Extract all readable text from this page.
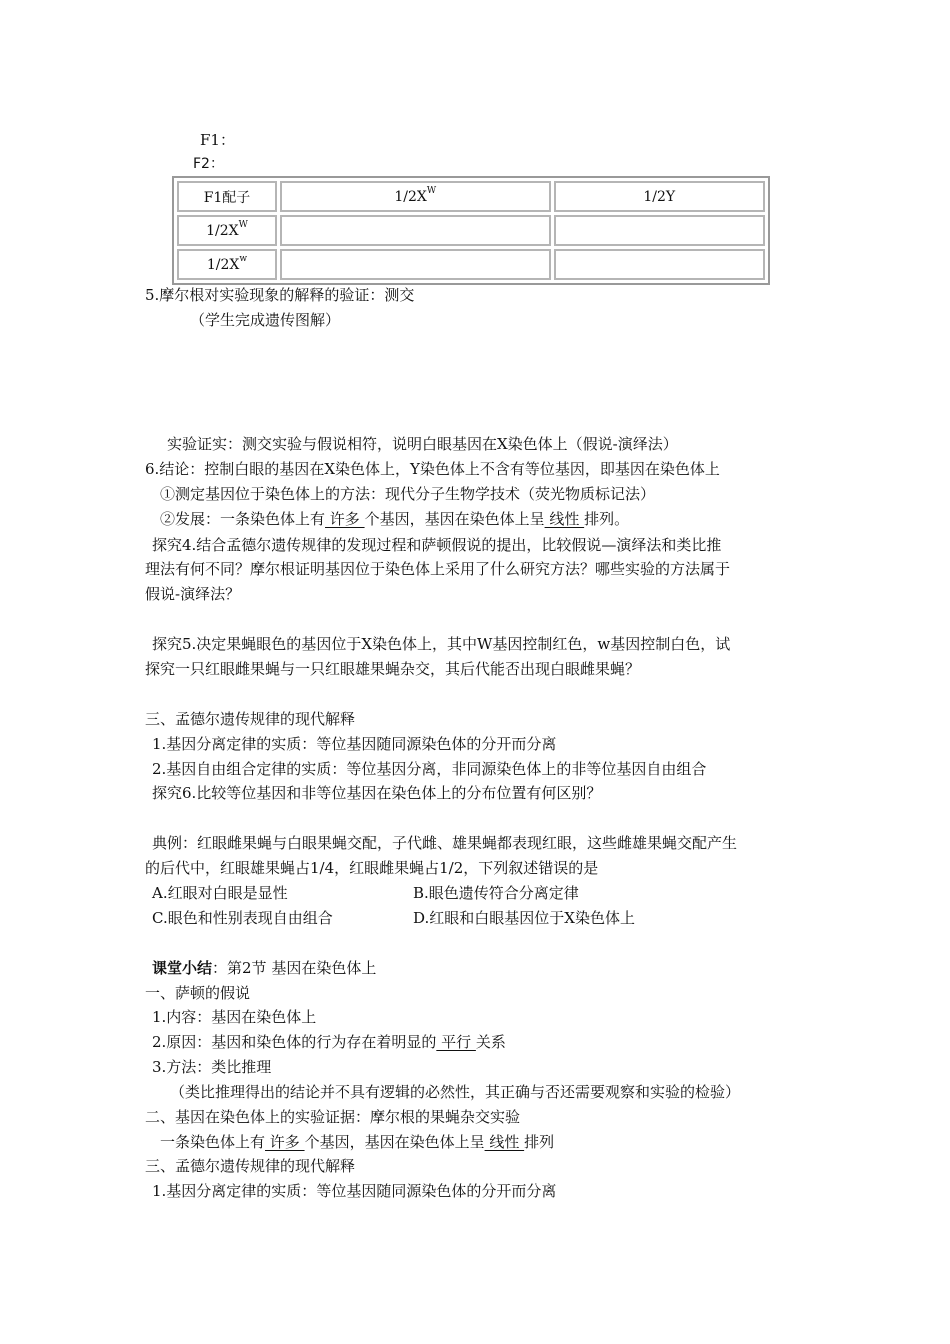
F1：
F2：
F1配子	$1/2X^W$	1/2Y
$1/2X^W$		
$1/2X^w$		
5.摩尔根对实验现象的解释的验证：测交
（学生完成遗传图解）
实验证实：测交实验与假说相符，说明白眼基因在X染色体上（假说-演绎法）
6.结论：控制白眼的基因在X染色体上，Y染色体上不含有等位基因，即基因在染色体上
①测定基因位于染色体上的方法：现代分子生物学技术（荧光物质标记法）
②发展：一条染色体上有 许多 个基因，基因在染色体上呈 线性 排列。
探究4.结合孟德尔遗传规律的发现过程和萨顿假说的提出，比较假说—演绎法和类比推
理法有何不同？摩尔根证明基因位于染色体上采用了什么研究方法？哪些实验的方法属于
假说-演绎法？
探究5.决定果蝇眼色的基因位于X染色体上，其中W基因控制红色，w基因控制白色，试
探究一只红眼雌果蝇与一只红眼雄果蝇杂交，其后代能否出现白眼雌果蝇？
三、孟德尔遗传规律的现代解释
1.基因分离定律的实质：等位基因随同源染色体的分开而分离
2.基因自由组合定律的实质：等位基因分离，非同源染色体上的非等位基因自由组合
探究6.比较等位基因和非等位基因在染色体上的分布位置有何区别？
典例：红眼雌果蝇与白眼果蝇交配，子代雌、雄果蝇都表现红眼，这些雌雄果蝇交配产生
的后代中，红眼雄果蝇占1/4，红眼雌果蝇占1/2，下列叙述错误的是
A.红眼对白眼是显性	B.眼色遗传符合分离定律
C.眼色和性别表现自由组合	D.红眼和白眼基因位于X染色体上
课堂小结：第2节 基因在染色体上
一、萨顿的假说
1.内容：基因在染色体上
2.原因：基因和染色体的行为存在着明显的 平行 关系
3.方法：类比推理
（类比推理得出的结论并不具有逻辑的必然性，其正确与否还需要观察和实验的检验）
二、基因在染色体上的实验证据：摩尔根的果蝇杂交实验
一条染色体上有 许多 个基因，基因在染色体上呈 线性 排列
三、孟德尔遗传规律的现代解释
1.基因分离定律的实质：等位基因随同源染色体的分开而分离
